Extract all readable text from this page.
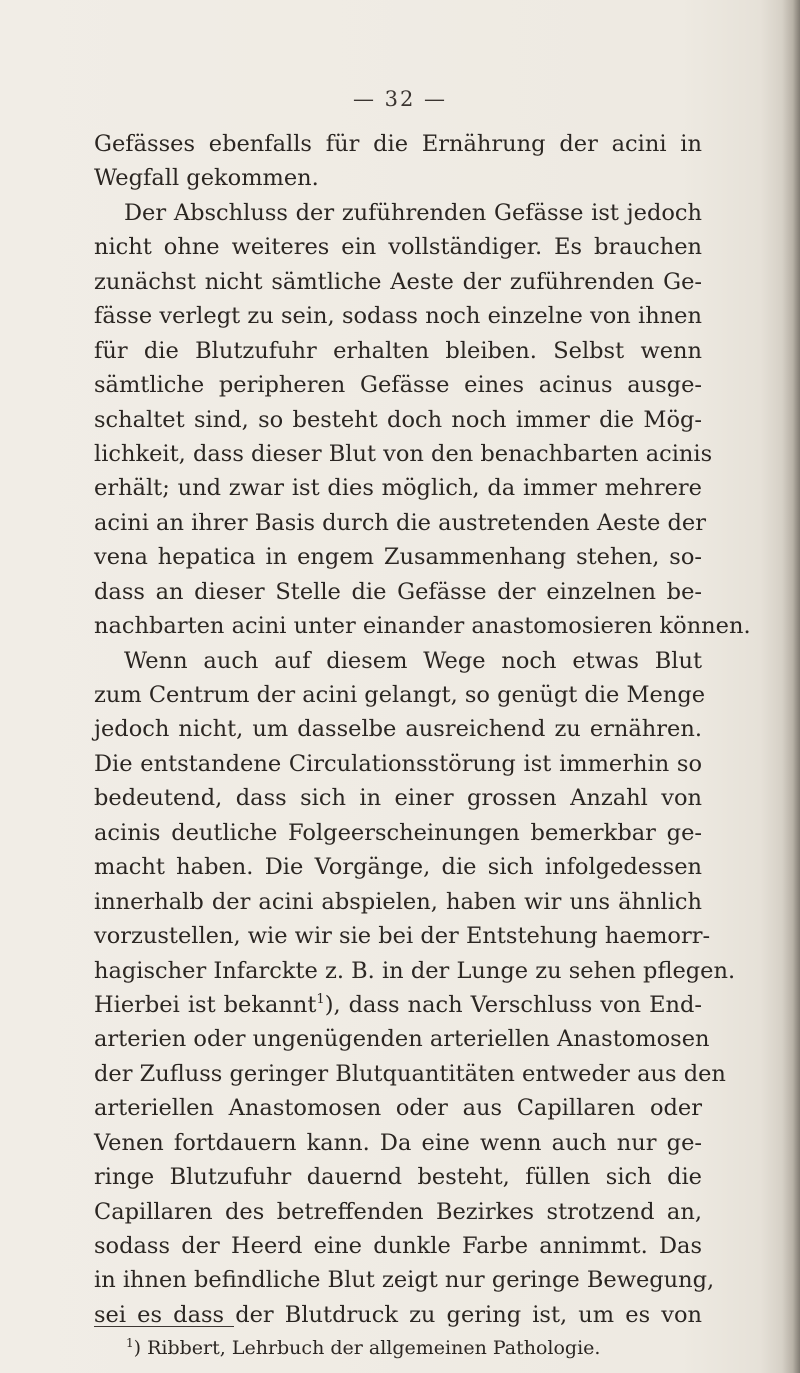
— 32 —
Gefässes ebenfalls für die Ernährung der acini in
Wegfall gekommen.
Der Abschluss der zuführenden Gefässe ist jedoch
nicht ohne weiteres ein vollständiger. Es brauchen
zunächst nicht sämtliche Aeste der zuführenden Ge-
fässe verlegt zu sein, sodass noch einzelne von ihnen
für die Blutzufuhr erhalten bleiben. Selbst wenn
sämtliche peripheren Gefässe eines acinus ausge-
schaltet sind, so besteht doch noch immer die Mög-
lichkeit, dass dieser Blut von den benachbarten acinis
erhält; und zwar ist dies möglich, da immer mehrere
acini an ihrer Basis durch die austretenden Aeste der
vena hepatica in engem Zusammenhang stehen, so-
dass an dieser Stelle die Gefässe der einzelnen be-
nachbarten acini unter einander anastomosieren können.
Wenn auch auf diesem Wege noch etwas Blut
zum Centrum der acini gelangt, so genügt die Menge
jedoch nicht, um dasselbe ausreichend zu ernähren.
Die entstandene Circulationsstörung ist immerhin so
bedeutend, dass sich in einer grossen Anzahl von
acinis deutliche Folgeerscheinungen bemerkbar ge-
macht haben. Die Vorgänge, die sich infolgedessen
innerhalb der acini abspielen, haben wir uns ähnlich
vorzustellen, wie wir sie bei der Entstehung haemorr-
hagischer Infarckte z. B. in der Lunge zu sehen pflegen.
Hierbei ist bekannt$^1$), dass nach Verschluss von End-
arterien oder ungenügenden arteriellen Anastomosen
der Zufluss geringer Blutquantitäten entweder aus den
arteriellen Anastomosen oder aus Capillaren oder
Venen fortdauern kann. Da eine wenn auch nur ge-
ringe Blutzufuhr dauernd besteht, füllen sich die
Capillaren des betreffenden Bezirkes strotzend an,
sodass der Heerd eine dunkle Farbe annimmt. Das
in ihnen befindliche Blut zeigt nur geringe Bewegung,
sei es dass der Blutdruck zu gering ist, um es von
$^1$) Ribbert, Lehrbuch der allgemeinen Pathologie.
